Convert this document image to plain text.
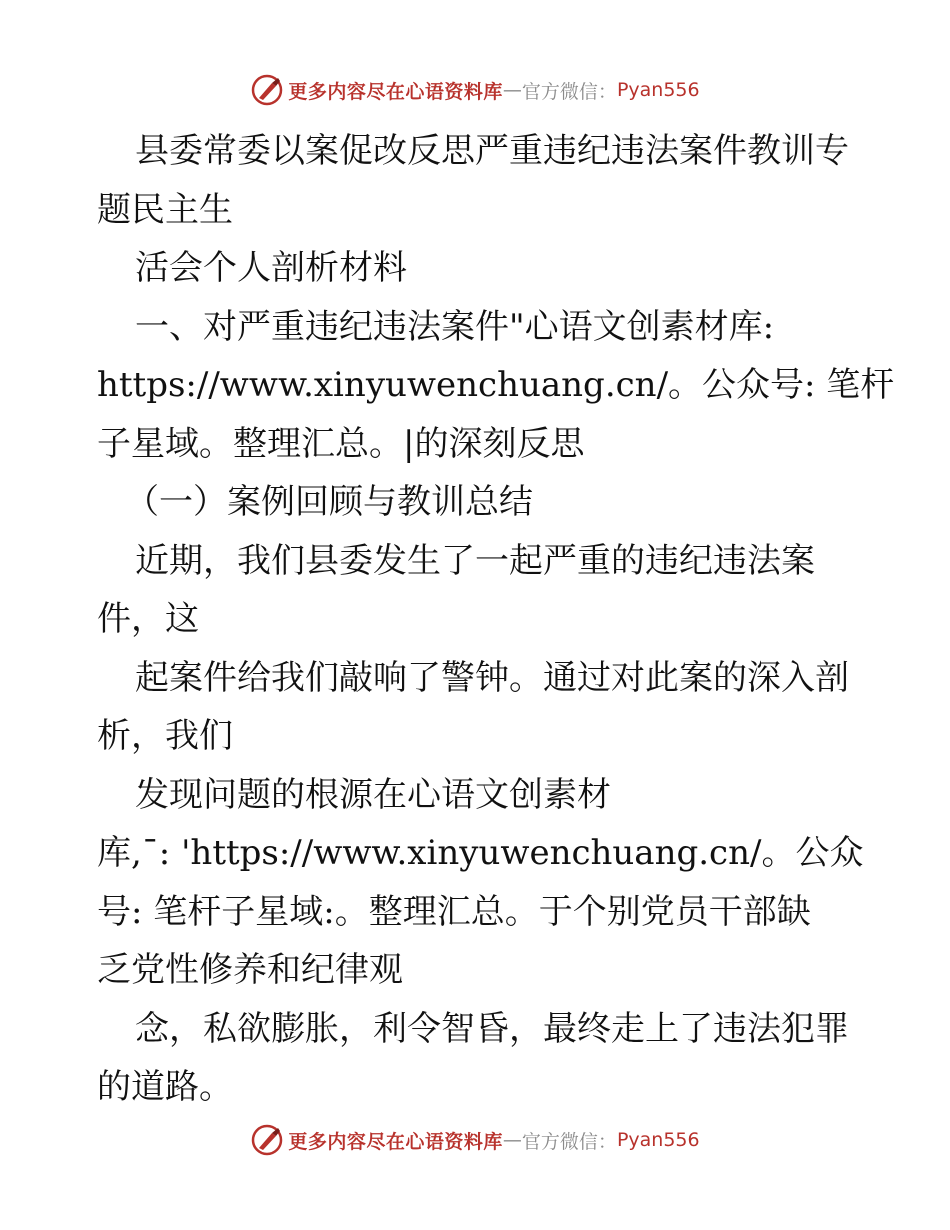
更多内容尽在心语资料库 — 官方微信： Pyan556

县委常委以案促改反思严重违纪违法案件教训专

题民主生

活会个人剖析材料

一、对严重违纪违法案件"心语文创素材库:

https://www.xinyuwenchuang.cn/。公众号: 笔杆

子星域。整理汇总。|的深刻反思

（一）案例回顾与教训总结

近期，我们县委发生了一起严重的违纪违法案

件，这

起案件给我们敲响了警钟。通过对此案的深入剖

析，我们

发现问题的根源在心语文创素材

库,¯: 'https://www.xinyuwenchuang.cn/。公众

号: 笔杆子星域:。整理汇总。于个别党员干部缺

乏党性修养和纪律观

念，私欲膨胀，利令智昏，最终走上了违法犯罪

的道路。

更多内容尽在心语资料库 — 官方微信： Pyan556
